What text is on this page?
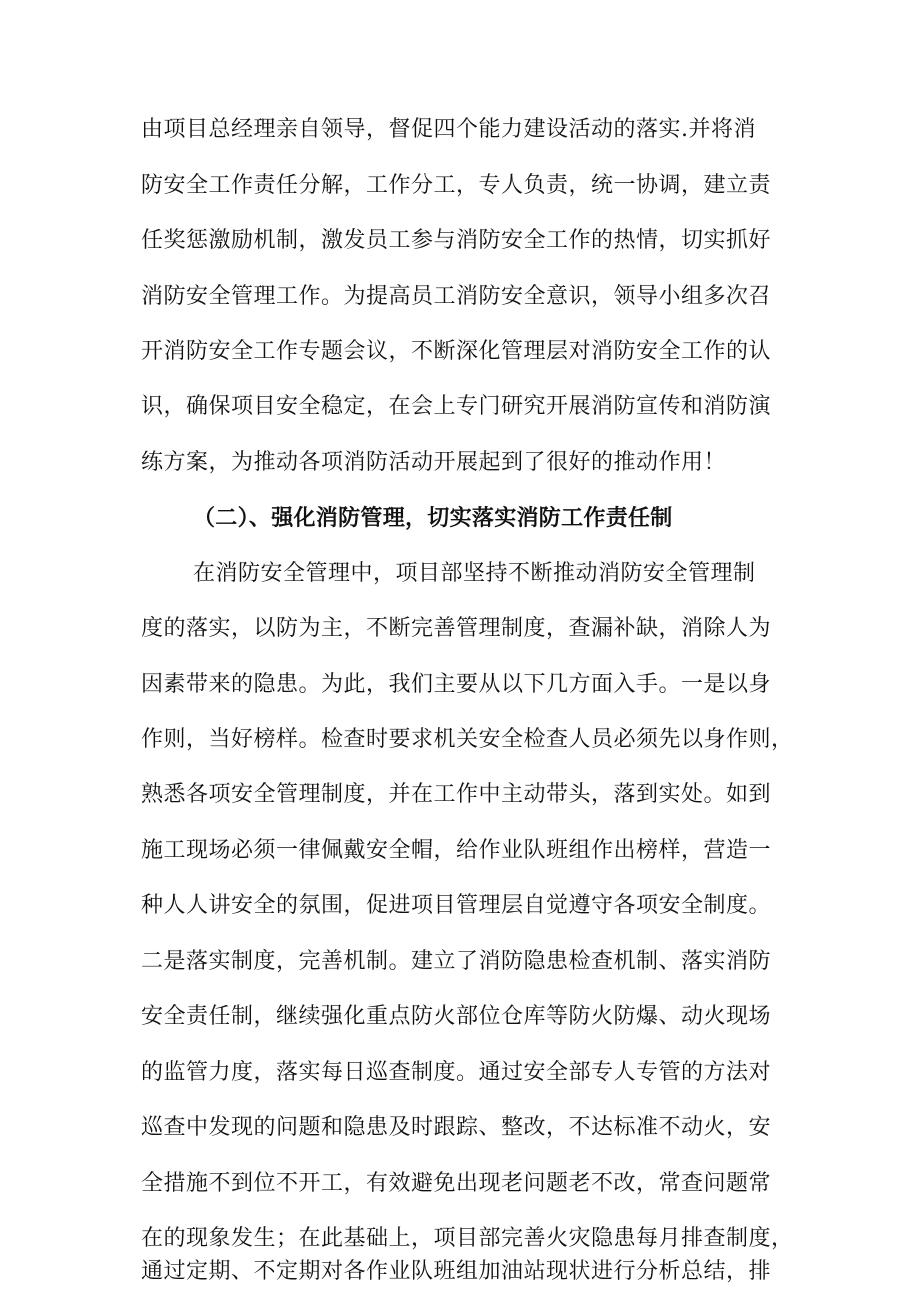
由项目总经理亲自领导，督促四个能力建设活动的落实.并将消
防安全工作责任分解，工作分工，专人负责，统一协调，建立责
任奖惩激励机制，激发员工参与消防安全工作的热情，切实抓好
消防安全管理工作。为提高员工消防安全意识，领导小组多次召
开消防安全工作专题会议，不断深化管理层对消防安全工作的认
识，确保项目安全稳定，在会上专门研究开展消防宣传和消防演
练方案，为推动各项消防活动开展起到了很好的推动作用！
（二）、强化消防管理，切实落实消防工作责任制
在消防安全管理中，项目部坚持不断推动消防安全管理制
度的落实，以防为主，不断完善管理制度，查漏补缺，消除人为
因素带来的隐患。为此，我们主要从以下几方面入手。一是以身
作则，当好榜样。检查时要求机关安全检查人员必须先以身作则，
熟悉各项安全管理制度，并在工作中主动带头，落到实处。如到
施工现场必须一律佩戴安全帽，给作业队班组作出榜样，营造一
种人人讲安全的氛围，促进项目管理层自觉遵守各项安全制度。
二是落实制度，完善机制。建立了消防隐患检查机制、落实消防
安全责任制，继续强化重点防火部位仓库等防火防爆、动火现场
的监管力度，落实每日巡查制度。通过安全部专人专管的方法对
巡查中发现的问题和隐患及时跟踪、整改，不达标准不动火，安
全措施不到位不开工，有效避免出现老问题老不改，常查问题常
在的现象发生；在此基础上，项目部完善火灾隐患每月排查制度，
通过定期、不定期对各作业队班组加油站现状进行分析总结，排
